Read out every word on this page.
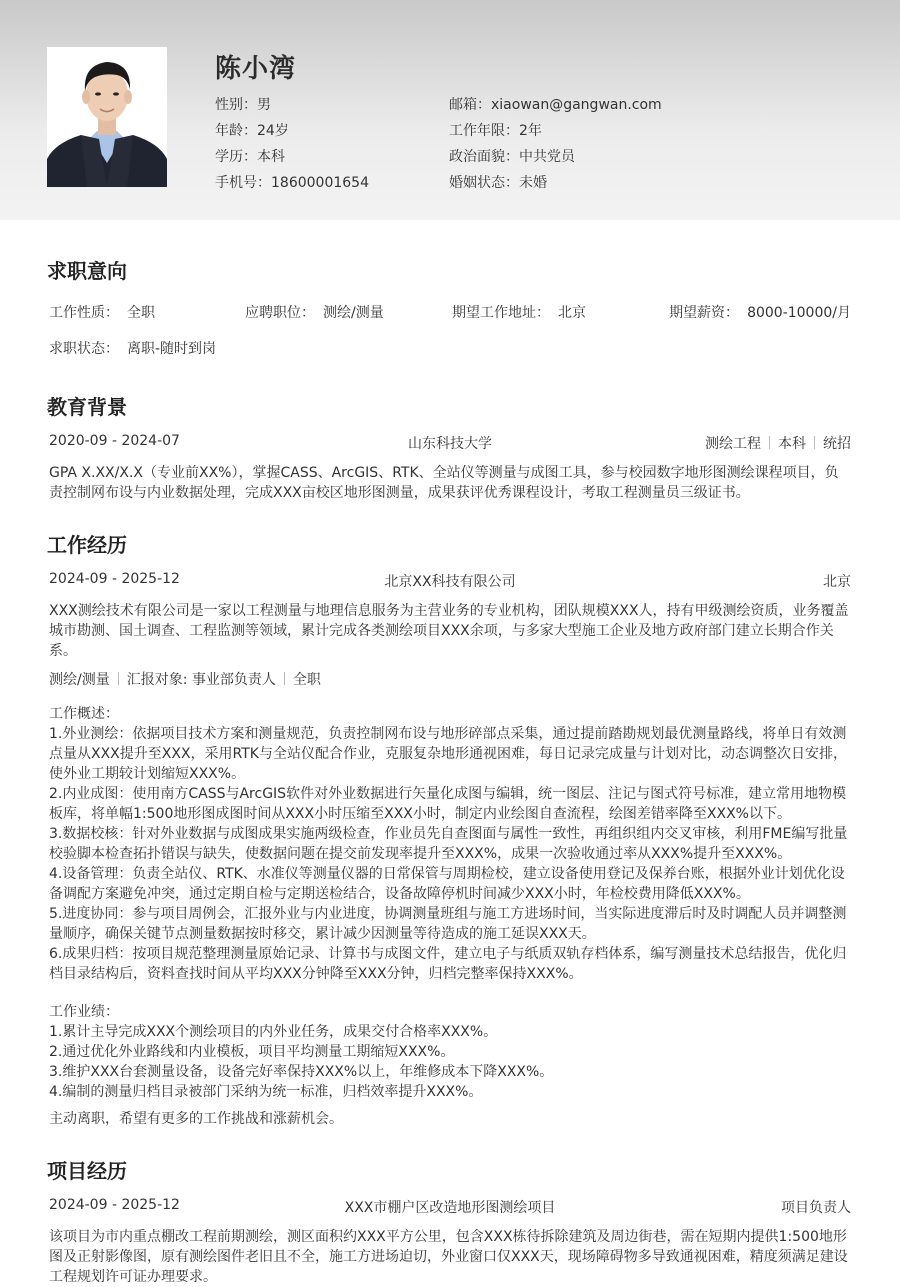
陈小湾
性别：男
年龄：24岁
学历：本科
手机号：18600001654
邮箱：xiaowan@gangwan.com
工作年限：2年
政治面貌：中共党员
婚姻状态：未婚
求职意向
工作性质： 全职	应聘职位： 测绘/测量	期望工作地址： 北京	期望薪资： 8000-10000/月
求职状态： 离职-随时到岗
教育背景
2020-09 - 2024-07	山东科技大学	测绘工程 本科 统招
GPA X.XX/X.X（专业前XX%），掌握CASS、ArcGIS、RTK、全站仪等测量与成图工具，参与校园数字地形图测绘课程项目，负责控制网布设与内业数据处理，完成XXX亩校区地形图测量，成果获评优秀课程设计，考取工程测量员三级证书。
工作经历
2024-09 - 2025-12	北京XX科技有限公司	北京
XXX测绘技术有限公司是一家以工程测量与地理信息服务为主营业务的专业机构，团队规模XXX人，持有甲级测绘资质，业务覆盖城市勘测、国土调查、工程监测等领域，累计完成各类测绘项目XXX余项，与多家大型施工企业及地方政府部门建立长期合作关系。
测绘/测量 汇报对象: 事业部负责人 全职
工作概述：
1.外业测绘：依据项目技术方案和测量规范，负责控制网布设与地形碎部点采集，通过提前踏勘规划最优测量路线，将单日有效测点量从XXX提升至XXX，采用RTK与全站仪配合作业，克服复杂地形通视困难，每日记录完成量与计划对比，动态调整次日安排，使外业工期较计划缩短XXX%。
2.内业成图：使用南方CASS与ArcGIS软件对外业数据进行矢量化成图与编辑，统一图层、注记与图式符号标准，建立常用地物模板库，将单幅1:500地形图成图时间从XXX小时压缩至XXX小时，制定内业绘图自查流程，绘图差错率降至XXX%以下。
3.数据校核：针对外业数据与成图成果实施两级检查，作业员先自查图面与属性一致性，再组织组内交叉审核，利用FME编写批量校验脚本检查拓扑错误与缺失，使数据问题在提交前发现率提升至XXX%，成果一次验收通过率从XXX%提升至XXX%。
4.设备管理：负责全站仪、RTK、水准仪等测量仪器的日常保管与周期检校，建立设备使用登记及保养台账，根据外业计划优化设备调配方案避免冲突，通过定期自检与定期送检结合，设备故障停机时间减少XXX小时，年检校费用降低XXX%。
5.进度协同：参与项目周例会，汇报外业与内业进度，协调测量班组与施工方进场时间，当实际进度滞后时及时调配人员并调整测量顺序，确保关键节点测量数据按时移交，累计减少因测量等待造成的施工延误XXX天。
6.成果归档：按项目规范整理测量原始记录、计算书与成图文件，建立电子与纸质双轨存档体系，编写测量技术总结报告，优化归档目录结构后，资料查找时间从平均XXX分钟降至XXX分钟，归档完整率保持XXX%。
工作业绩：
1.累计主导完成XXX个测绘项目的内外业任务，成果交付合格率XXX%。
2.通过优化外业路线和内业模板，项目平均测量工期缩短XXX%。
3.维护XXX台套测量设备，设备完好率保持XXX%以上，年维修成本下降XXX%。
4.编制的测量归档目录被部门采纳为统一标准，归档效率提升XXX%。
主动离职，希望有更多的工作挑战和涨薪机会。
项目经历
2024-09 - 2025-12	XXX市棚户区改造地形图测绘项目	项目负责人
该项目为市内重点棚改工程前期测绘，测区面积约XXX平方公里，包含XXX栋待拆除建筑及周边街巷，需在短期内提供1:500地形图及正射影像图，原有测绘图件老旧且不全，施工方进场迫切，外业窗口仅XXX天，现场障碍物多导致通视困难，精度须满足建设工程规划许可证办理要求。
